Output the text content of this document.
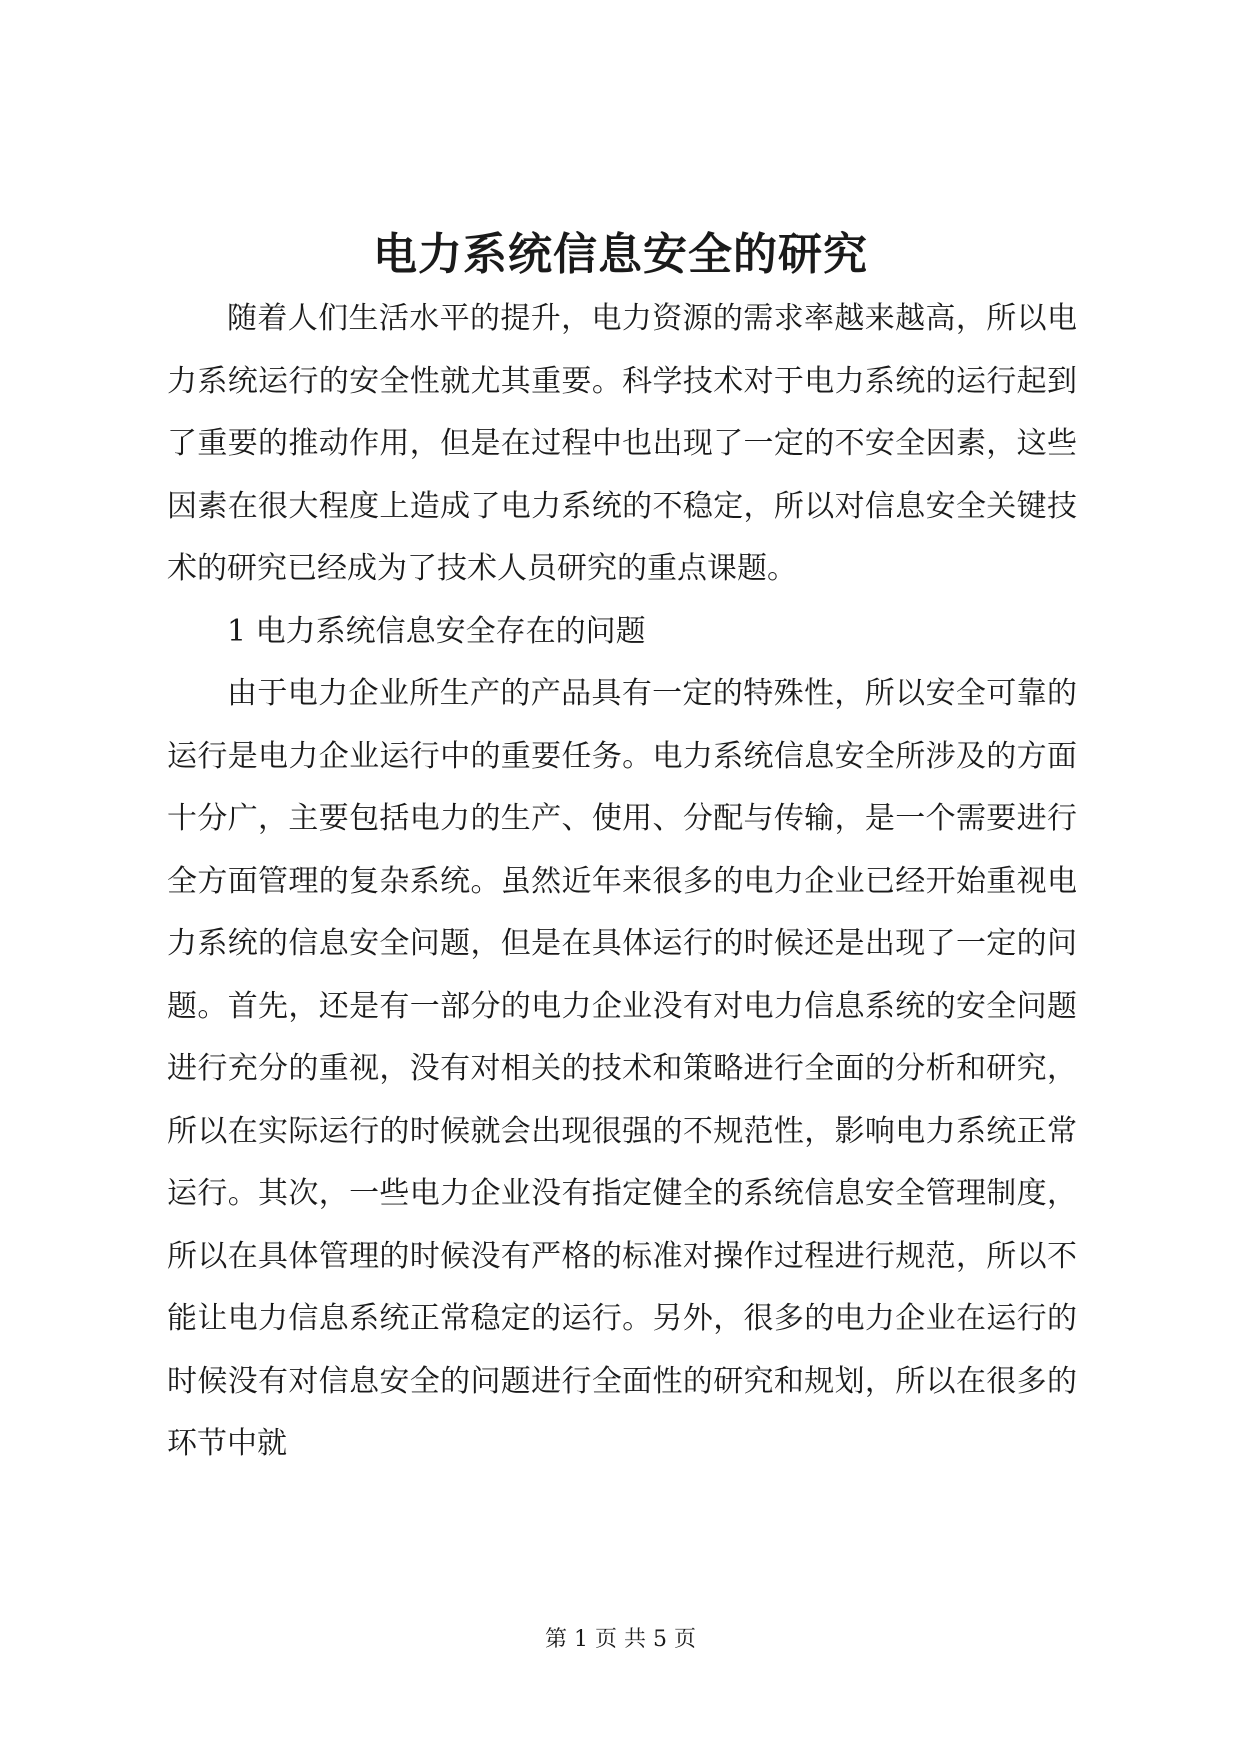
电力系统信息安全的研究

随着人们生活水平的提升，电力资源的需求率越来越高，所以电力系统运行的安全性就尤其重要。科学技术对于电力系统的运行起到了重要的推动作用，但是在过程中也出现了一定的不安全因素，这些因素在很大程度上造成了电力系统的不稳定，所以对信息安全关键技术的研究已经成为了技术人员研究的重点课题。

1 电力系统信息安全存在的问题

由于电力企业所生产的产品具有一定的特殊性，所以安全可靠的运行是电力企业运行中的重要任务。电力系统信息安全所涉及的方面十分广，主要包括电力的生产、使用、分配与传输，是一个需要进行全方面管理的复杂系统。虽然近年来很多的电力企业已经开始重视电力系统的信息安全问题，但是在具体运行的时候还是出现了一定的问题。首先，还是有一部分的电力企业没有对电力信息系统的安全问题进行充分的重视，没有对相关的技术和策略进行全面的分析和研究，所以在实际运行的时候就会出现很强的不规范性，影响电力系统正常运行。其次，一些电力企业没有指定健全的系统信息安全管理制度，所以在具体管理的时候没有严格的标准对操作过程进行规范，所以不能让电力信息系统正常稳定的运行。另外，很多的电力企业在运行的时候没有对信息安全的问题进行全面性的研究和规划，所以在很多的环节中就

第 1 页 共 5 页
